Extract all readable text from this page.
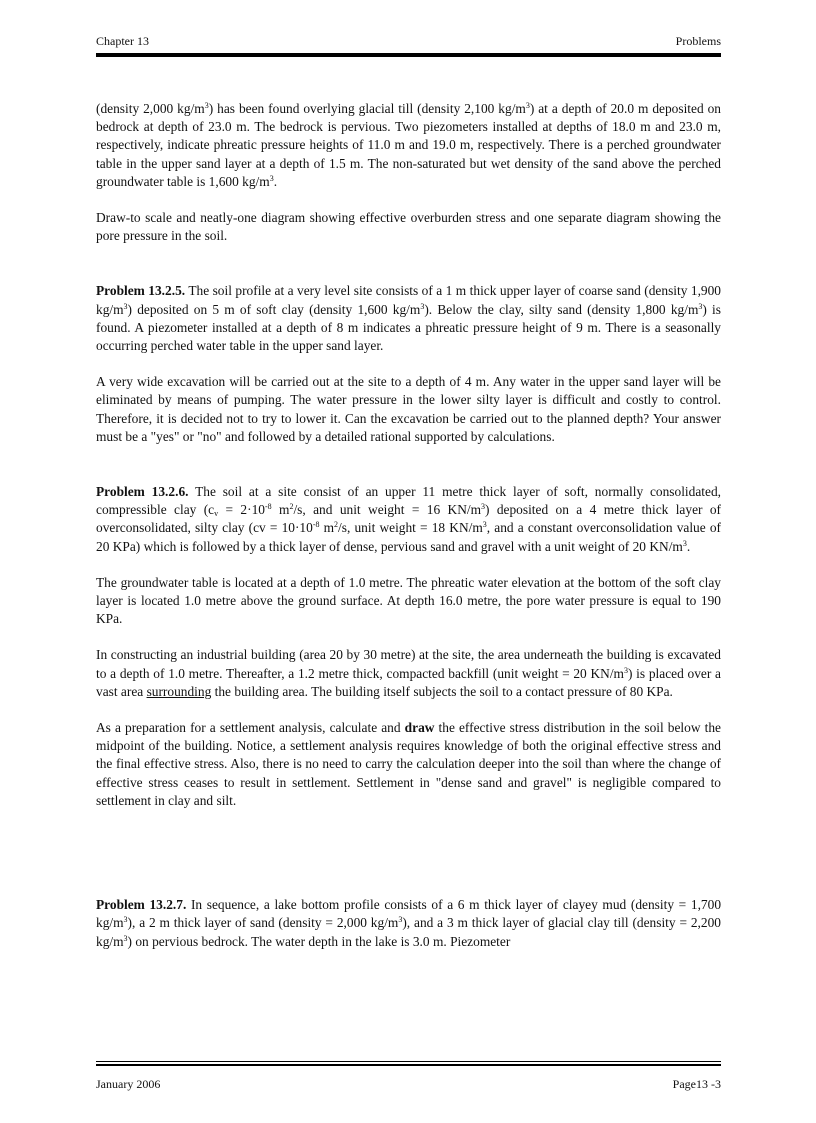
Chapter 13	Problems

(density 2,000 $kg/m^3$) has been found overlying glacial till (density 2,100 $kg/m^3$) at a depth of 20.0 m deposited on bedrock at depth of 23.0 m. The bedrock is pervious. Two piezometers installed at depths of 18.0 m and 23.0 m, respectively, indicate phreatic pressure heights of 11.0 m and 19.0 m, respectively. There is a perched groundwater table in the upper sand layer at a depth of 1.5 m. The non-saturated but wet density of the sand above the perched groundwater table is 1,600 $kg/m^3$.

Draw-to scale and neatly-one diagram showing effective overburden stress and one separate diagram showing the pore pressure in the soil.

Problem 13.2.5. The soil profile at a very level site consists of a 1 m thick upper layer of coarse sand (density 1,900 $kg/m^3$) deposited on 5 m of soft clay (density 1,600 $kg/m^3$). Below the clay, silty sand (density 1,800 $kg/m^3$) is found. A piezometer installed at a depth of 8 m indicates a phreatic pressure height of 9 m. There is a seasonally occurring perched water table in the upper sand layer.

A very wide excavation will be carried out at the site to a depth of 4 m. Any water in the upper sand layer will be eliminated by means of pumping. The water pressure in the lower silty layer is difficult and costly to control. Therefore, it is decided not to try to lower it. Can the excavation be carried out to the planned depth? Your answer must be a "yes" or "no" and followed by a detailed rational supported by calculations.

Problem 13.2.6. The soil at a site consist of an upper 11 metre thick layer of soft, normally consolidated, compressible clay ($c_v = 2\cdot 10^{-8}$ $m^2/s$, and unit weight = 16 $KN/m^3$) deposited on a 4 metre thick layer of overconsolidated, silty clay ($cv = 10\cdot 10^{-8}$ $m^2/s$, unit weight = 18 $KN/m^3$, and a constant overconsolidation value of 20 KPa) which is followed by a thick layer of dense, pervious sand and gravel with a unit weight of 20 $KN/m^3$.

The groundwater table is located at a depth of 1.0 metre. The phreatic water elevation at the bottom of the soft clay layer is located 1.0 metre above the ground surface. At depth 16.0 metre, the pore water pressure is equal to 190 KPa.

In constructing an industrial building (area 20 by 30 metre) at the site, the area underneath the building is excavated to a depth of 1.0 metre. Thereafter, a 1.2 metre thick, compacted backfill (unit weight = 20 $KN/m^3$) is placed over a vast area surrounding the building area. The building itself subjects the soil to a contact pressure of 80 KPa.

As a preparation for a settlement analysis, calculate and draw the effective stress distribution in the soil below the midpoint of the building. Notice, a settlement analysis requires knowledge of both the original effective stress and the final effective stress. Also, there is no need to carry the calculation deeper into the soil than where the change of effective stress ceases to result in settlement. Settlement in "dense sand and gravel" is negligible compared to settlement in clay and silt.

Problem 13.2.7. In sequence, a lake bottom profile consists of a 6 m thick layer of clayey mud (density = 1,700 $kg/m^3$), a 2 m thick layer of sand (density = 2,000 $kg/m^3$), and a 3 m thick layer of glacial clay till (density = 2,200 $kg/m^3$) on pervious bedrock. The water depth in the lake is 3.0 m. Piezometer

January 2006	Page13 -3
